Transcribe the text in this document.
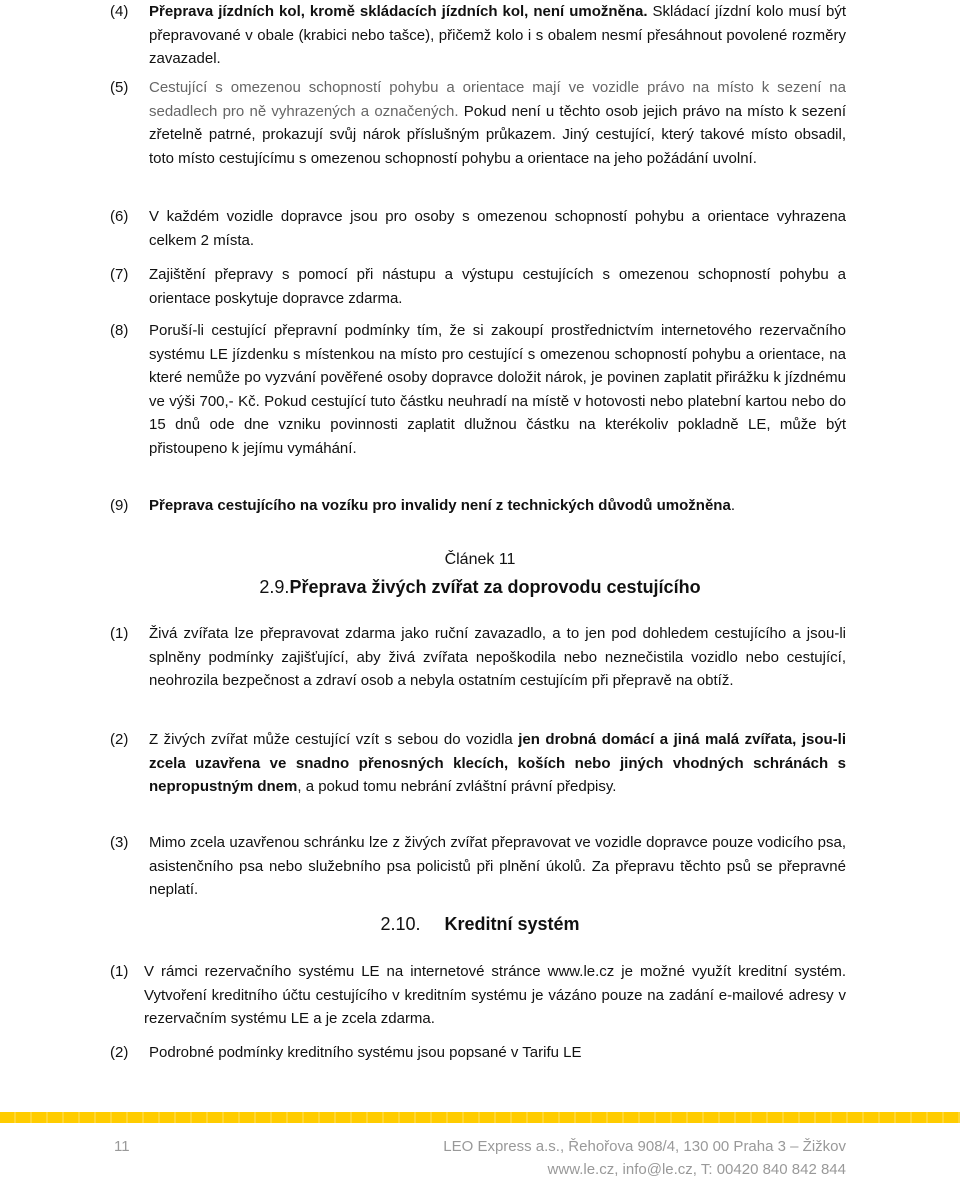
(4)	Přeprava jízdních kol, kromě skládacích jízdních kol, není umožněna. Skládací jízdní kolo musí být přepravované v obale (krabici nebo tašce), přičemž kolo i s obalem nesmí přesáhnout povolené rozměry zavazadel.
(5)	Cestující s omezenou schopností pohybu a orientace mají ve vozidle právo na místo k sezení na sedadlech pro ně vyhrazených a označených. Pokud není u těchto osob jejich právo na místo k sezení zřetelně patrné, prokazují svůj nárok příslušným průkazem. Jiný cestující, který takové místo obsadil, toto místo cestujícímu s omezenou schopností pohybu a orientace na jeho požádání uvolní.
(6)	V každém vozidle dopravce jsou pro osoby s omezenou schopností pohybu a orientace vyhrazena celkem 2 místa.
(7)	Zajištění přepravy s pomocí při nástupu a výstupu cestujících s omezenou schopností pohybu a orientace poskytuje dopravce zdarma.
(8)	Poruší-li cestující přepravní podmínky tím, že si zakoupí prostřednictvím internetového rezervačního systému LE jízdenku s místenkou na místo pro cestující s omezenou schopností pohybu a orientace, na které nemůže po vyzvání pověřené osoby dopravce doložit nárok, je povinen zaplatit přirážku k jízdnému ve výši 700,- Kč. Pokud cestující tuto částku neuhradí na místě v hotovosti nebo platební kartou nebo do 15 dnů ode dne vzniku povinnosti zaplatit dlužnou částku na kterékoliv pokladně LE, může být přistoupeno k jejímu vymáhání.
(9)	Přeprava cestujícího na vozíku pro invalidy není z technických důvodů umožněna.
Článek 11
2.9.Přeprava živých zvířat za doprovodu cestujícího
(1)	Živá zvířata lze přepravovat zdarma jako ruční zavazadlo, a to jen pod dohledem cestujícího a jsou-li splněny podmínky zajišťující, aby živá zvířata nepoškodila nebo neznečistila vozidlo nebo cestující, neohrozila bezpečnost a zdraví osob a nebyla ostatním cestujícím při přepravě na obtíž.
(2)	Z živých zvířat může cestující vzít s sebou do vozidla jen drobná domácí a jiná malá zvířata, jsou-li zcela uzavřena ve snadno přenosných klecích, koších nebo jiných vhodných schránách s nepropustným dnem, a pokud tomu nebrání zvláštní právní předpisy.
(3)	Mimo zcela uzavřenou schránku lze z živých zvířat přepravovat ve vozidle dopravce pouze vodicího psa, asistenčního psa nebo služebního psa policistů při plnění úkolů. Za přepravu těchto psů se přepravné neplatí.
2.10. Kreditní systém
(1)	V rámci rezervačního systému LE na internetové stránce www.le.cz je možné využít kreditní systém. Vytvoření kreditního účtu cestujícího v kreditním systému je vázáno pouze na zadání e-mailové adresy v rezervačním systému LE a je zcela zdarma.
(2)	Podrobné podmínky kreditního systému jsou popsané v Tarifu LE
11	LEO Express a.s., Řehořova 908/4, 130 00 Praha 3 – Žižkov
www.le.cz, info@le.cz, T: 00420 840 842 844
